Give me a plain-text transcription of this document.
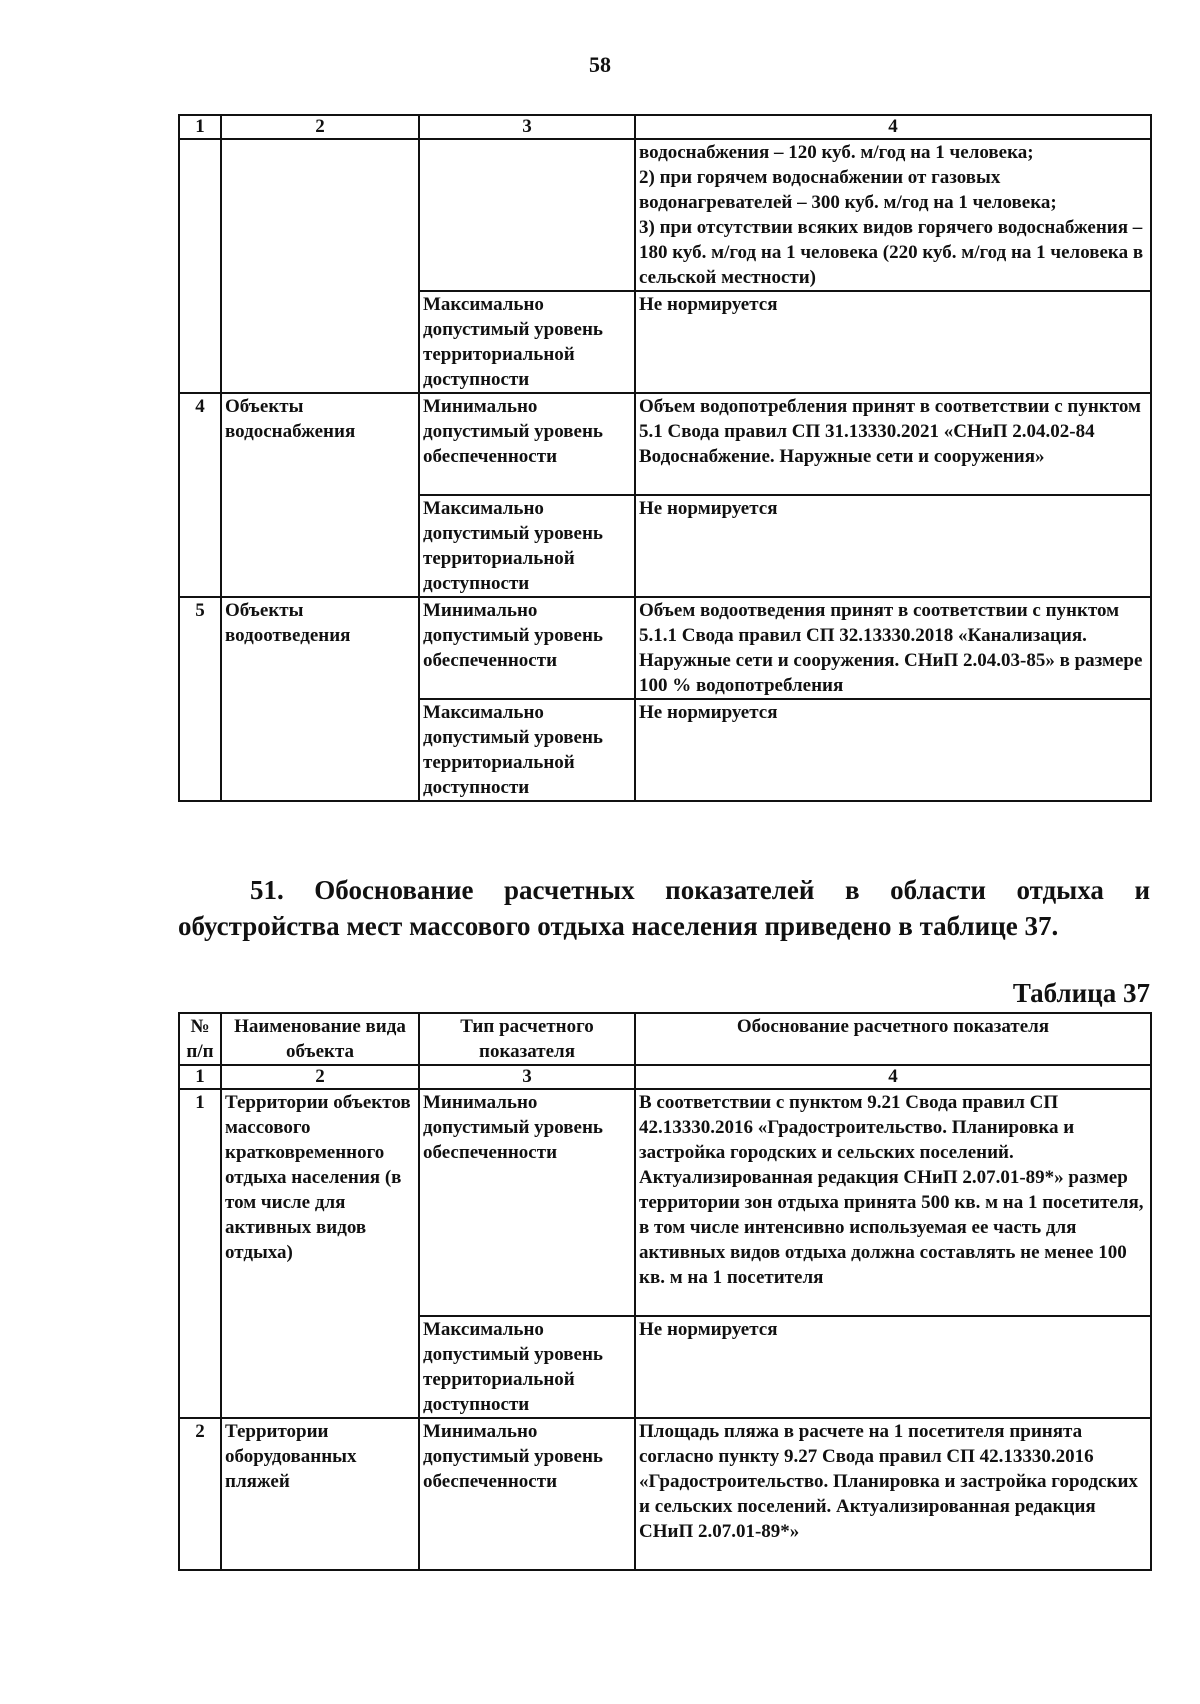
58
1	2	3	4
			водоснабжения – 120 куб. м/год на 1 человека;
2) при горячем водоснабжении от газовых водонагревателей – 300 куб. м/год на 1 человека;
3) при отсутствии всяких видов горячего водоснабжения – 180 куб. м/год на 1 человека (220 куб. м/год на 1 человека в сельской местности)
		Максимально допустимый уровень территориальной доступности	Не нормируется
4	Объекты водоснабжения	Минимально допустимый уровень обеспеченности	Объем водопотребления принят в соответствии с пунктом 5.1 Свода правил СП 31.13330.2021 «СНиП 2.04.02-84 Водоснабжение. Наружные сети и сооружения»
		Максимально допустимый уровень территориальной доступности	Не нормируется
5	Объекты водоотведения	Минимально допустимый уровень обеспеченности	Объем водоотведения принят в соответствии с пунктом 5.1.1 Свода правил СП 32.13330.2018 «Канализация. Наружные сети и сооружения. СНиП 2.04.03-85» в размере 100 % водопотребления
		Максимально допустимый уровень территориальной доступности	Не нормируется
51. Обоснование расчетных показателей в области отдыха и обустройства мест массового отдыха населения приведено в таблице 37.
Таблица 37
№ п/п	Наименование вида объекта	Тип расчетного показателя	Обоснование расчетного показателя
1	2	3	4
1	Территории объектов массового кратковременного отдыха населения (в том числе для активных видов отдыха)	Минимально допустимый уровень обеспеченности	В соответствии с пунктом 9.21 Свода правил СП 42.13330.2016 «Градостроительство. Планировка и застройка городских и сельских поселений. Актуализированная редакция СНиП 2.07.01-89*» размер территории зон отдыха принята 500 кв. м на 1 посетителя, в том числе интенсивно используемая ее часть для активных видов отдыха должна составлять не менее 100 кв. м на 1 посетителя
		Максимально допустимый уровень территориальной доступности	Не нормируется
2	Территории оборудованных пляжей	Минимально допустимый уровень обеспеченности	Площадь пляжа в расчете на 1 посетителя принята согласно пункту 9.27 Свода правил СП 42.13330.2016 «Градостроительство. Планировка и застройка городских и сельских поселений. Актуализированная редакция СНиП 2.07.01-89*»
